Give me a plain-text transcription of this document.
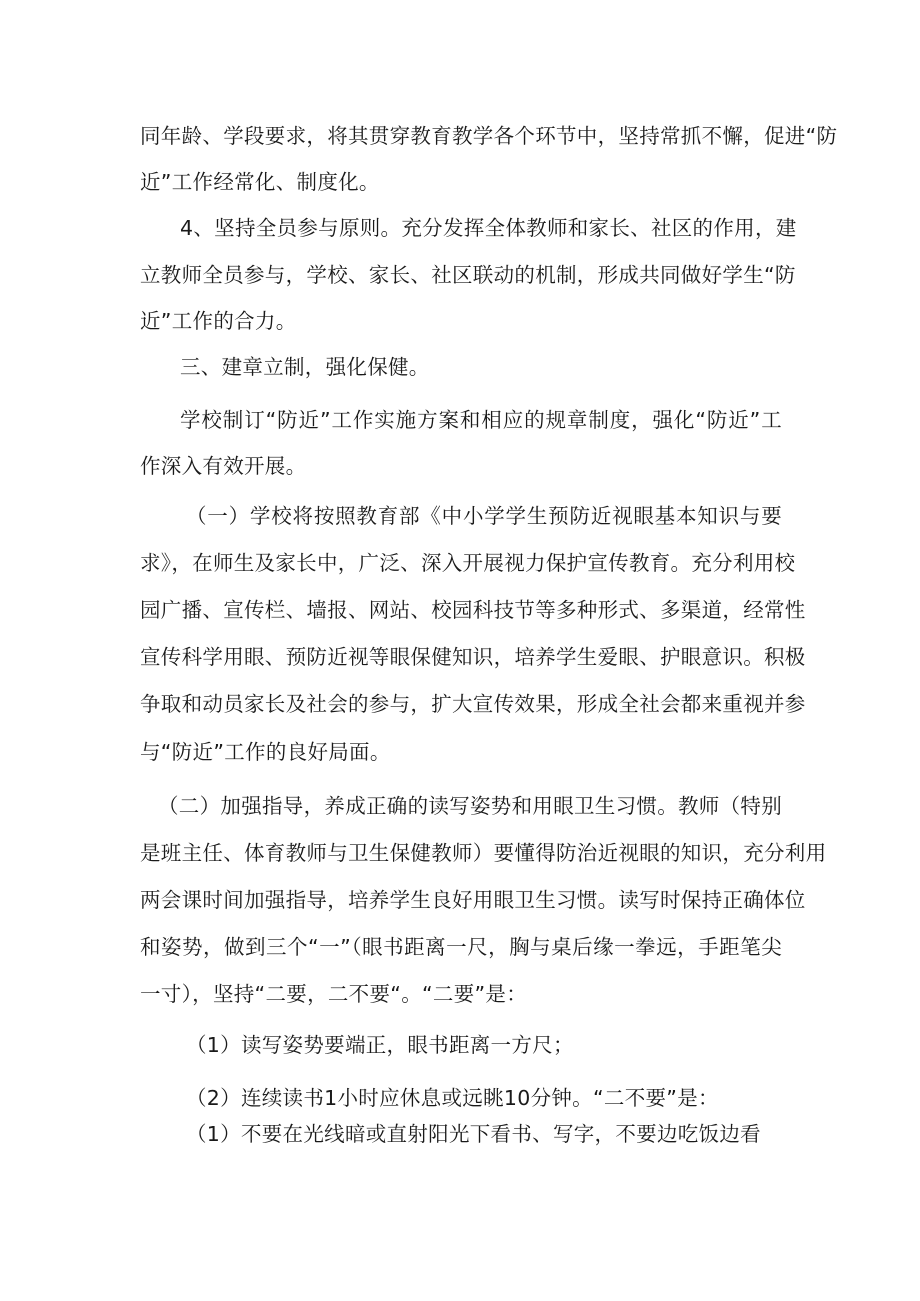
同年龄、学段要求，将其贯穿教育教学各个环节中，坚持常抓不懈，促进“防
近”工作经常化、制度化。
4、坚持全员参与原则。充分发挥全体教师和家长、社区的作用，建
立教师全员参与，学校、家长、社区联动的机制，形成共同做好学生“防
近”工作的合力。
三、建章立制，强化保健。
学校制订“防近”工作实施方案和相应的规章制度，强化“防近”工
作深入有效开展。
（一）学校将按照教育部《中小学学生预防近视眼基本知识与要
求》，在师生及家长中，广泛、深入开展视力保护宣传教育。充分利用校
园广播、宣传栏、墙报、网站、校园科技节等多种形式、多渠道，经常性
宣传科学用眼、预防近视等眼保健知识，培养学生爱眼、护眼意识。积极
争取和动员家长及社会的参与，扩大宣传效果，形成全社会都来重视并参
与“防近”工作的良好局面。
（二）加强指导，养成正确的读写姿势和用眼卫生习惯。教师（特别
是班主任、体育教师与卫生保健教师）要懂得防治近视眼的知识，充分利用
两会课时间加强指导，培养学生良好用眼卫生习惯。读写时保持正确体位
和姿势，做到三个“一”（眼书距离一尺，胸与桌后缘一拳远，手距笔尖
一寸），坚持“二要，二不要“。“二要”是：
（1）读写姿势要端正，眼书距离一方尺；
（2）连续读书1小时应休息或远眺10分钟。“二不要”是：
（1）不要在光线暗或直射阳光下看书、写字，不要边吃饭边看
